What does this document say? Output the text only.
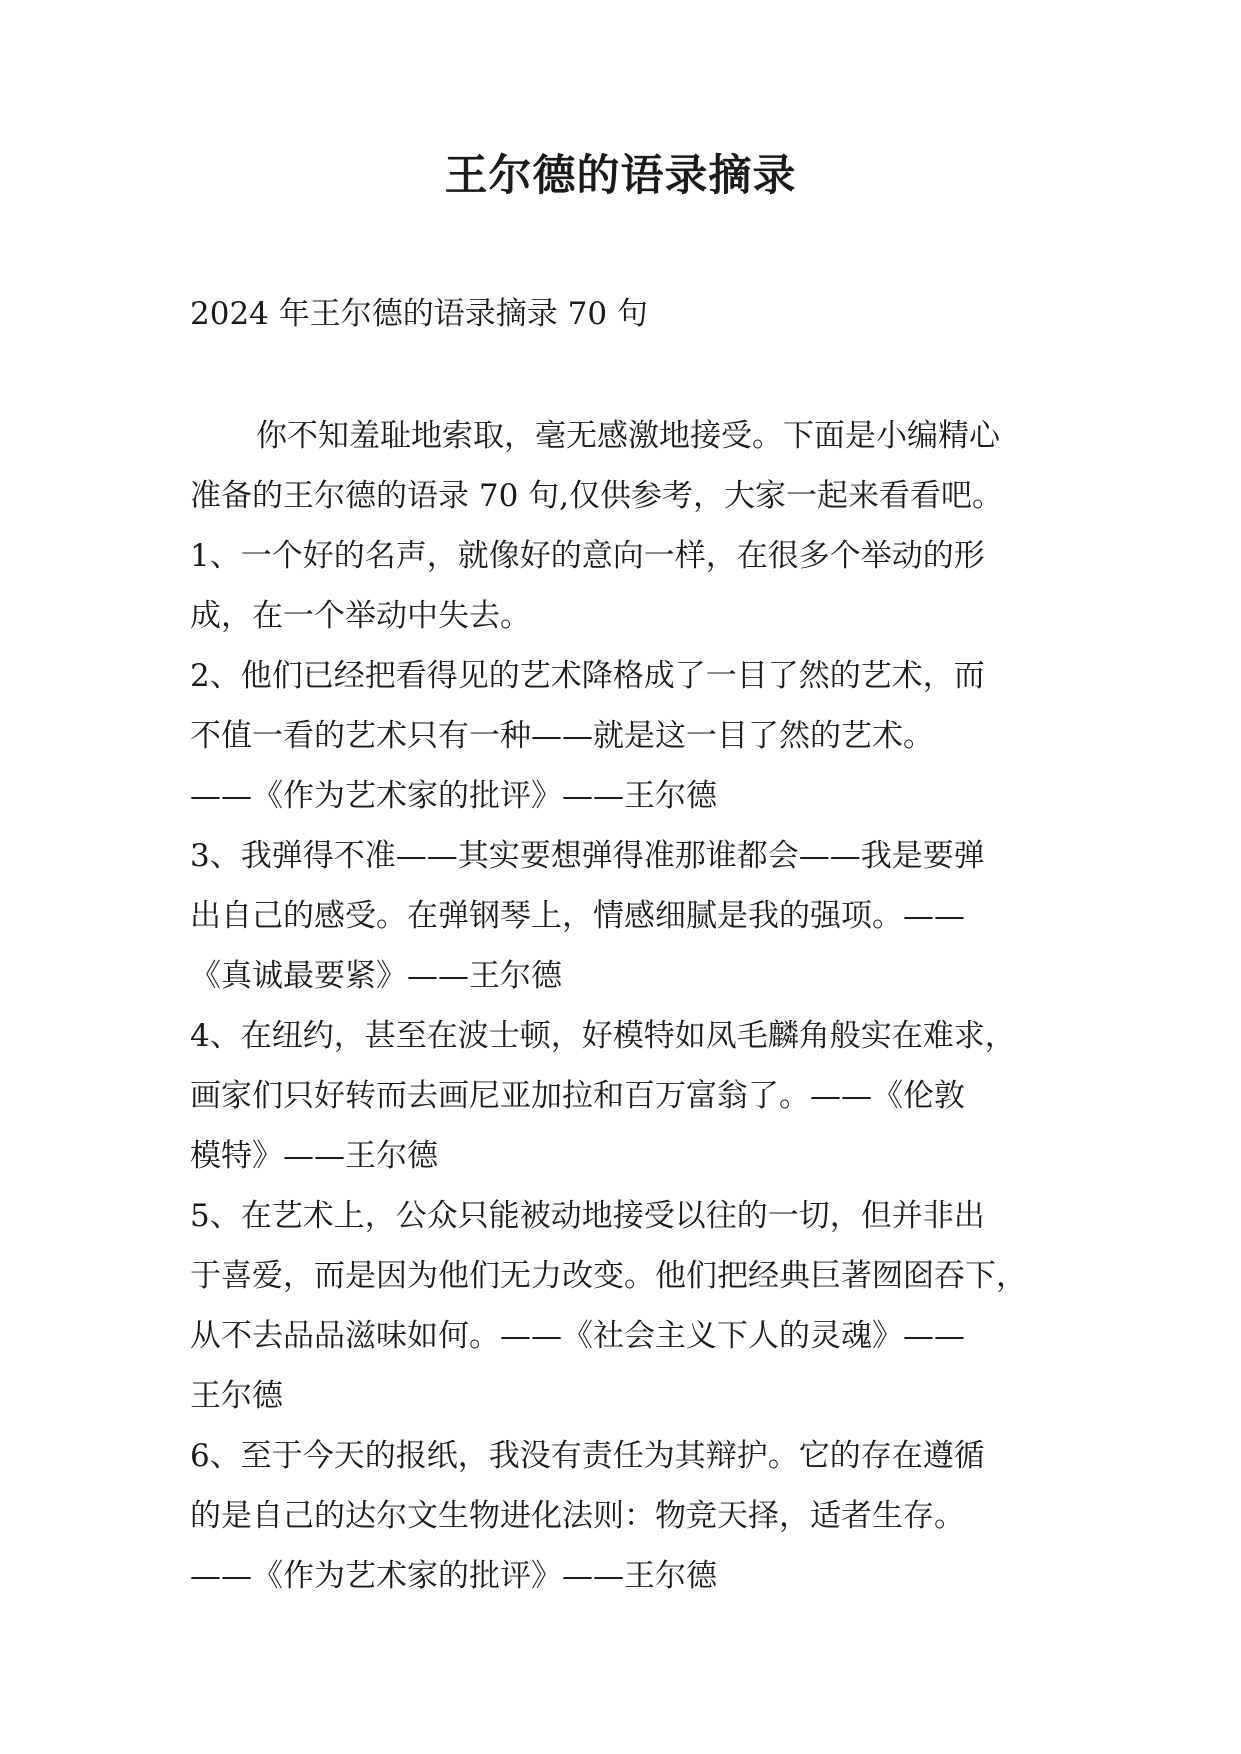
王尔德的语录摘录
2024 年王尔德的语录摘录 70 句
你不知羞耻地索取，毫无感激地接受。下面是小编精心
准备的王尔德的语录 70 句,仅供参考，大家一起来看看吧。
1、一个好的名声，就像好的意向一样，在很多个举动的形
成，在一个举动中失去。
2、他们已经把看得见的艺术降格成了一目了然的艺术，而
不值一看的艺术只有一种——就是这一目了然的艺术。
——《作为艺术家的批评》——王尔德
3、我弹得不准——其实要想弹得准那谁都会——我是要弹
出自己的感受。在弹钢琴上，情感细腻是我的强项。——
《真诚最要紧》——王尔德
4、在纽约，甚至在波士顿，好模特如凤毛麟角般实在难求，
画家们只好转而去画尼亚加拉和百万富翁了。——《伦敦
模特》——王尔德
5、在艺术上，公众只能被动地接受以往的一切，但并非出
于喜爱，而是因为他们无力改变。他们把经典巨著囫囵吞下，
从不去品品滋味如何。——《社会主义下人的灵魂》——
王尔德
6、至于今天的报纸，我没有责任为其辩护。它的存在遵循
的是自己的达尔文生物进化法则：物竞天择，适者生存。
——《作为艺术家的批评》——王尔德
